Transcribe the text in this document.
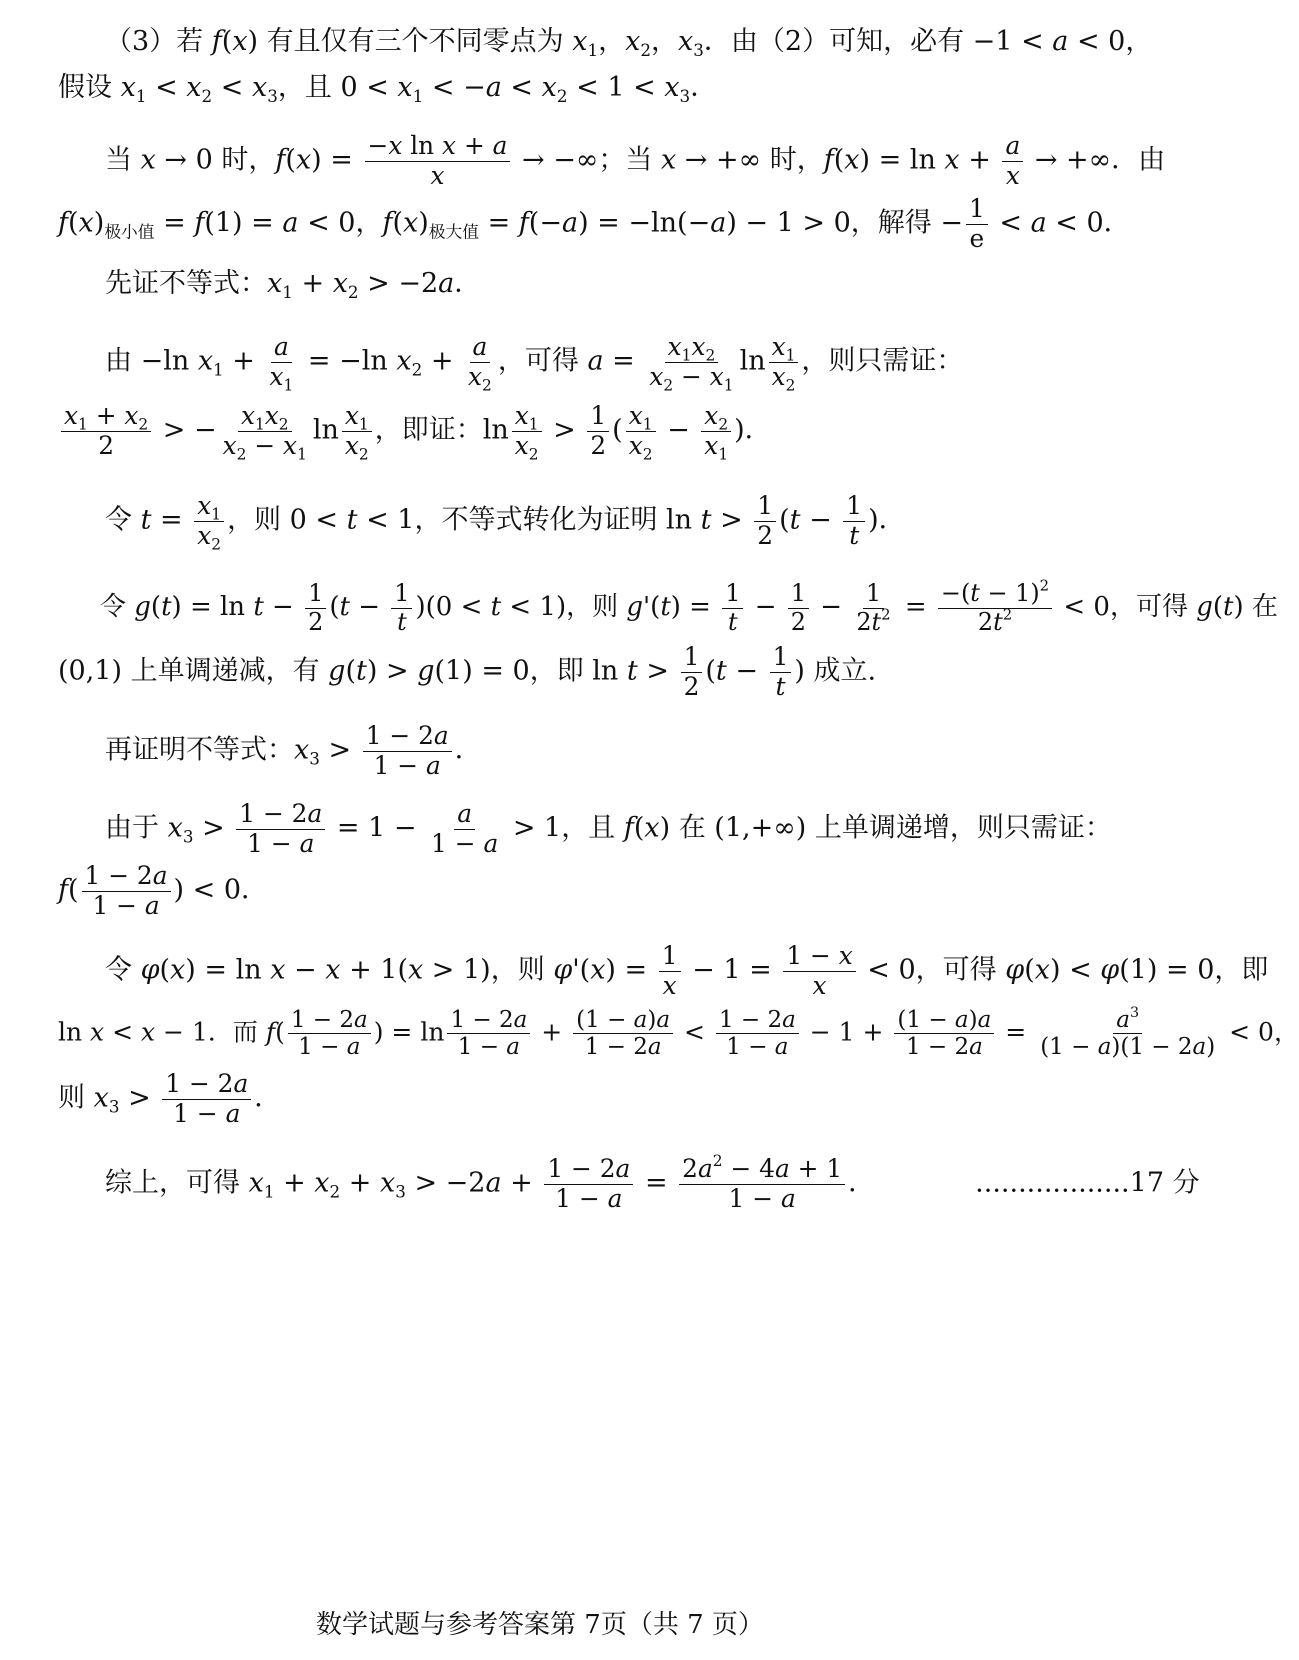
（3）若 f(x) 有且仅有三个不同零点为 $x_1$，$x_2$，$x_3$．由（2）可知，必有 −1 < a < 0，
假设 $x_1 < x_2 < x_3$，且 $0 < x_1 < -a < x_2 < 1 < x_3$．
当 x → 0 时，$f(x) = \frac{\text{−x ln x + a}}{x}$ → −∞；当 x → +∞ 时，$f(x) = \ln x + \frac{a}{x}$ → +∞．由
$f(x)_{极小值} = f(1) = a < 0$，$f(x)_{极大值} = f(-a) = -\ln(-a) - 1 > 0$，解得 − $\frac{1}{e} < a < 0$．
先证不等式：$x_1 + x_2 > -2a$．
由 −ln $x_1 + \frac{a}{x_1} = -\ln$ $x_2 + \frac{a}{x_2}$ ，可得 $a = \frac{x_1x_2}{x_2 - x_1}$ $\ln \frac{x_1}{x_2}$ ，则只需证：
$\frac{x_1 + x_2}{2}$ > − $\frac{x_1x_2}{x_2 - x_1}$ $\ln \frac{x_1}{x_2}$ ，即证：$\ln \frac{x_1}{x_2} > \frac{1}{2}$ ( $\frac{x_1}{x_2} - \frac{x_2}{x_1}$ )．
令 $t = \frac{x_1}{x_2}$ ，则 0 < t < 1，不等式转化为证明 $\ln t > \frac{1}{2} (t - \frac{1}{t}$ )．
令 $g(t) = \ln t - \frac{1}{2} (t - \frac{1}{t} )(0 < t < 1)$，则 $g'(t) = \frac{1}{t} - \frac{1}{2} - \frac{1}{2t^2} = \frac{-(t - 1)^2}{2t^2} < 0$，可得 g(t) 在
(0,1) 上单调递减，有 g(t) > g(1) = 0，即 $\ln t > \frac{1}{2} (t - \frac{1}{t}$ ) 成立.
再证明不等式：$x_3 > \frac{1 - 2a}{1 - a}$ ．
由于 $x_3 > \frac{1 - 2a}{1 - a} = 1 - \frac{a}{1 - a} > 1$，且 f(x) 在 (1,+∞) 上单调递增，则只需证：
$f( \frac{1 - 2a}{1 - a}$ ) < 0．
令 φ(x) = ln x − x + 1(x > 1)，则 $\varphi'(x) = \frac{1}{x} - 1 = \frac{1 - x}{x} < 0$，可得 φ(x) < φ(1) = 0，即
ln x < x − 1．而 $f( \frac{1 - 2a}{1 - a}$ ) = $\ln \frac{1 - 2a}{1 - a} + \frac{(1 - a)a}{1 - 2a} < \frac{1 - 2a}{1 - a} - 1 + \frac{(1 - a)a}{1 - 2a} = \frac{a^3}{(1 - a)(1 - 2a)} < 0$，
则 $x_3 > \frac{1 - 2a}{1 - a}$ ．
综上，可得 $x_1 + x_2 + x_3 > -2a + \frac{1 - 2a}{1 - a} = \frac{2a^2 - 4a + 1}{1 - a}$ ．	..................17 分
数学试题与参考答案第 7页（共 7 页）
